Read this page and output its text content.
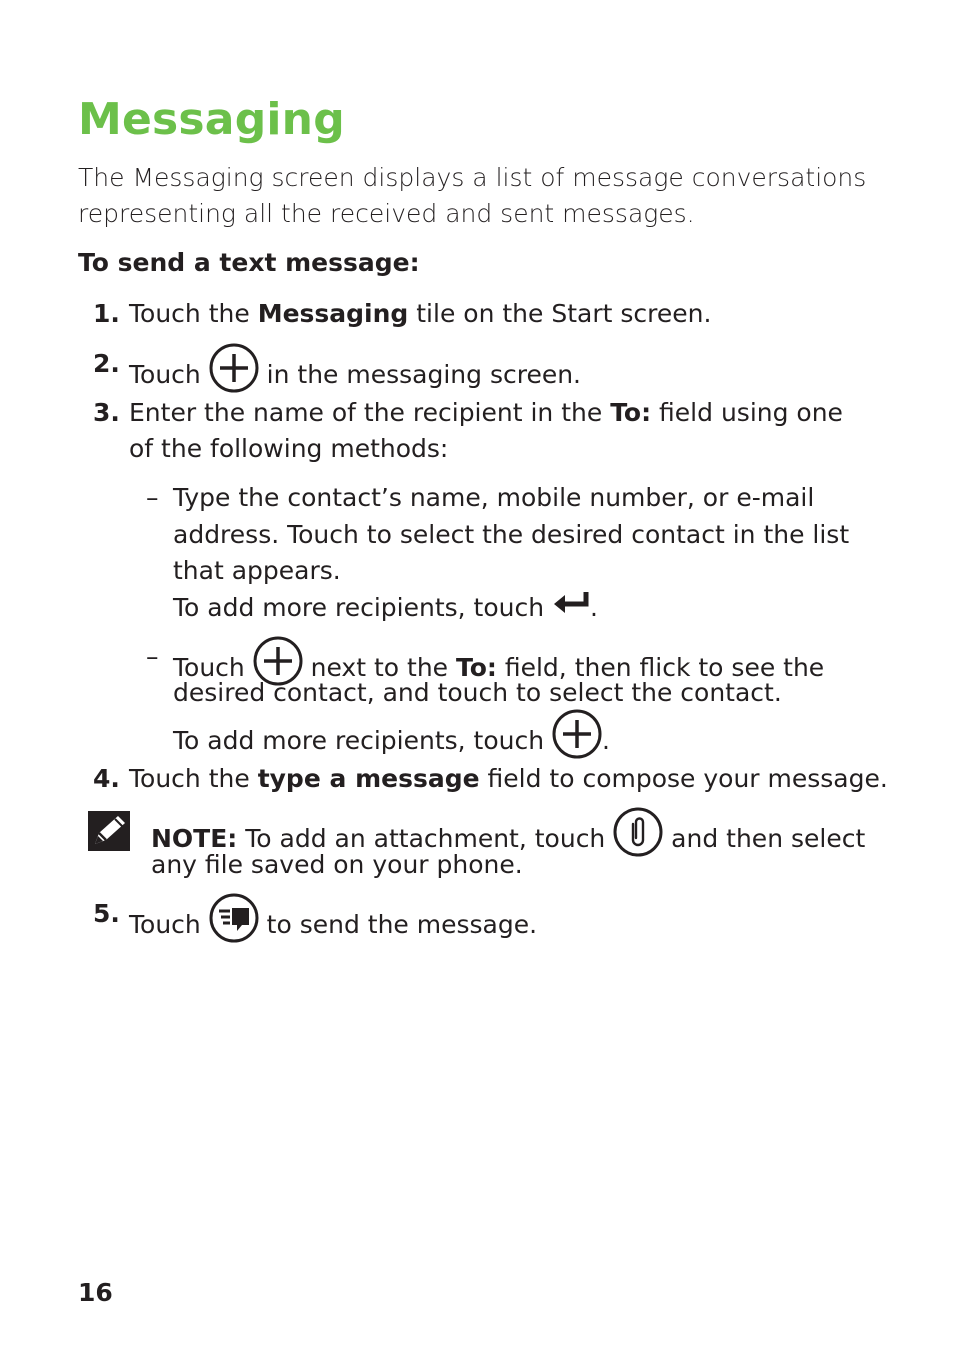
Messaging

The Messaging screen displays a list of message conversations representing all the received and sent messages.

To send a text message:

1. Touch the Messaging tile on the Start screen.
2. Touch  in the messaging screen.
3. Enter the name of the recipient in the To: field using one
of the following methods:
– Type the contact’s name, mobile number, or e-mail
address. Touch to select the desired contact in the list
that appears.
To add more recipients, touch .
– Touch  next to the To: field, then flick to see the
desired contact, and touch to select the contact.
To add more recipients, touch .
4. Touch the type a message field to compose your message.
NOTE: To add an attachment, touch  and then select
any file saved on your phone.
5. Touch  to send the message.
16
